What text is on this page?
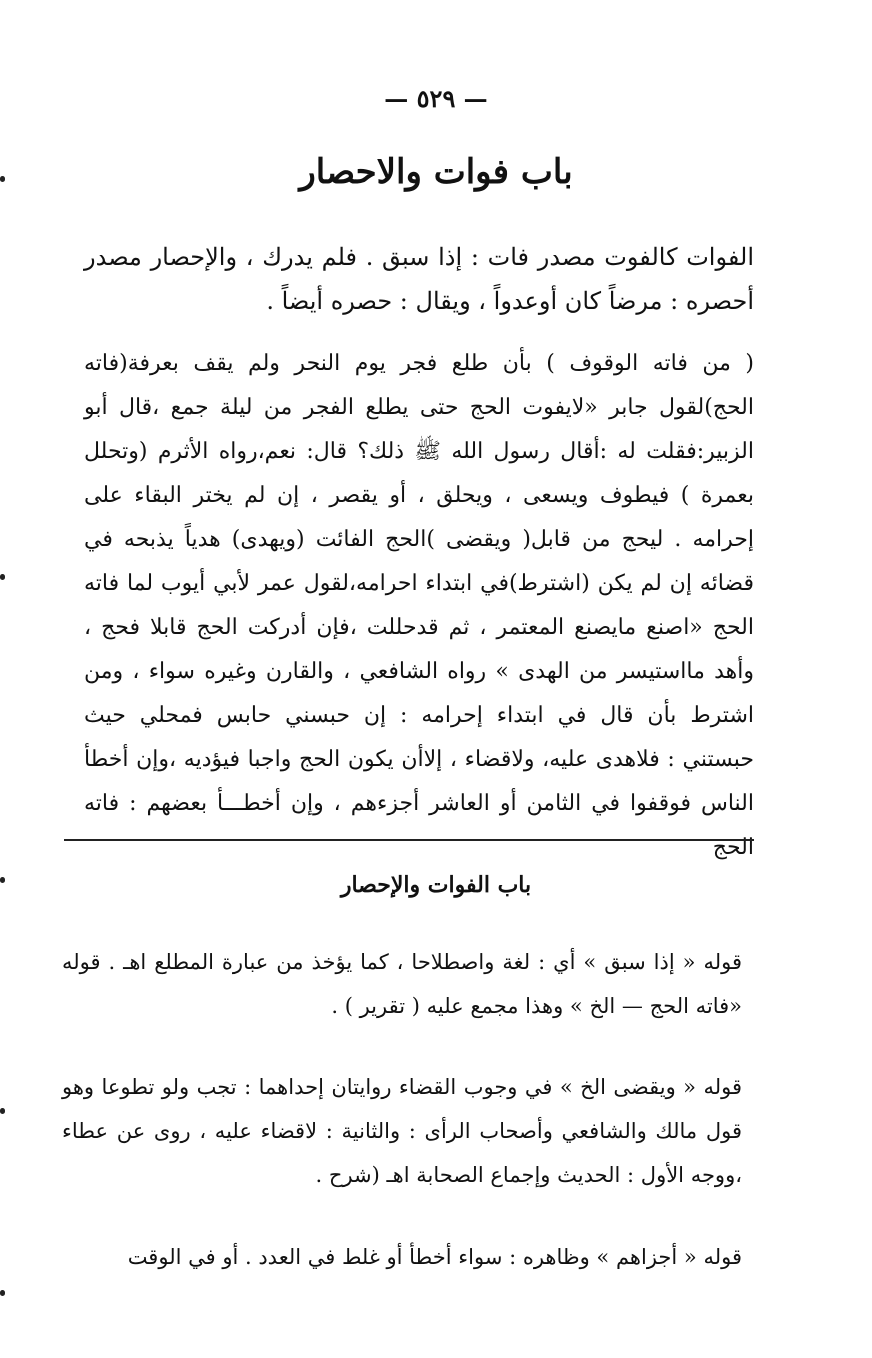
— ٥٢٩ —
باب فوات والاحصار

الفوات كالفوت مصدر فات : إذا سبق . فلم يدرك ، والإحصار مصدر أحصره : مرضاً كان أوعدواً ، ويقال : حصره أيضاً .

( من فاته الوقوف ) بأن طلع فجر يوم النحر ولم يقف بعرفة(فاته الحج)لقول جابر «لايفوت الحج حتى يطلع الفجر من ليلة جمع ،قال أبو الزبير:فقلت له :أقال رسول الله ﷺ ذلك؟ قال: نعم،رواه الأثرم (وتحلل بعمرة ) فيطوف ويسعى ، ويحلق ، أو يقصر ، إن لم يختر البقاء على إحرامه . ليحج من قابل( ويقضى )الحج الفائت (ويهدى) هدياً يذبحه في قضائه إن لم يكن (اشترط)في ابتداء احرامه،لقول عمر لأبي أيوب لما فاته الحج «اصنع مايصنع المعتمر ، ثم قدحللت ،فإن أدركت الحج قابلا فحج ، وأهد مااستيسر من الهدى » رواه الشافعي ، والقارن وغيره سواء ، ومن اشترط بأن قال في ابتداء إحرامه : إن حبسني حابس فمحلي حيث حبستني : فلاهدى عليه، ولاقضاء ، إلاأن يكون الحج واجبا فيؤديه ،وإن أخطأ الناس فوقفوا في الثامن أو العاشر أجزءهم ، وإن أخطـــأ بعضهم : فاته الحج

باب الفوات والإحصار

قوله « إذا سبق » أي : لغة واصطلاحا ، كما يؤخذ من عبارة المطلع اهـ . قوله «فاته الحج — الخ » وهذا مجمع عليه ( تقرير ) .

قوله « ويقضى الخ » في وجوب القضاء روايتان إحداهما : تجب ولو تطوعا وهو قول مالك والشافعي وأصحاب الرأى : والثانية : لاقضاء عليه ، روى عن عطاء ،ووجه الأول : الحديث وإجماع الصحابة اهـ (شرح .

قوله « أجزاهم » وظاهره : سواء أخطأ أو غلط في العدد . أو في الوقت
